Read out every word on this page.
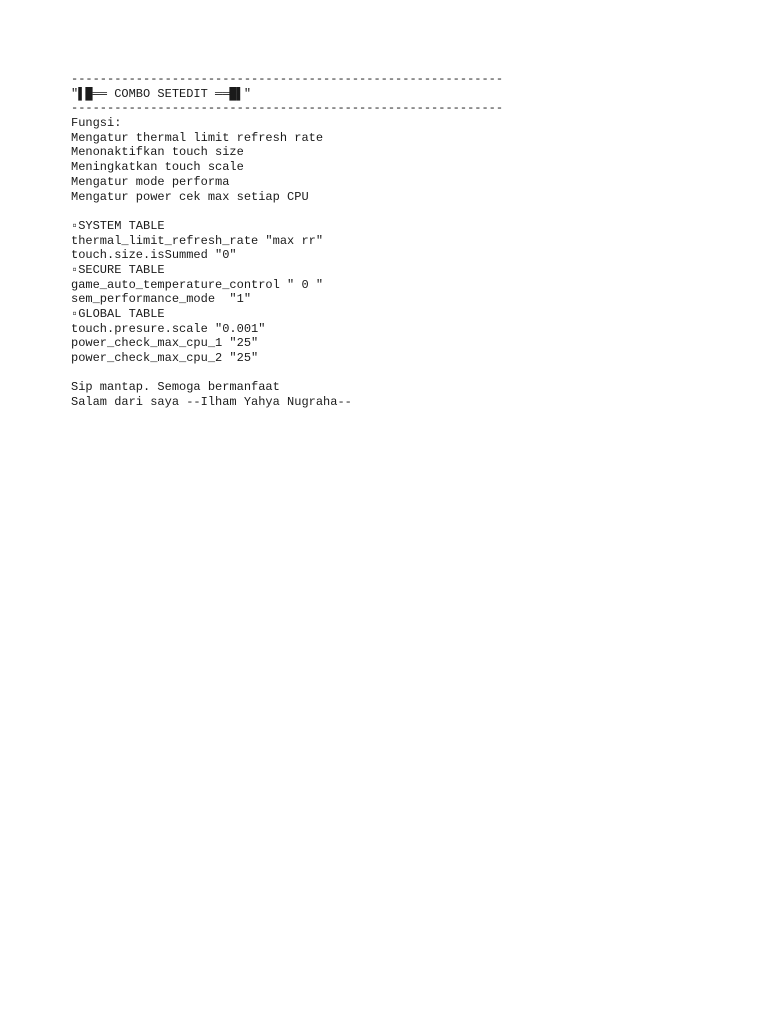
------------------------------------------------------------
"▌█══ COMBO SETEDIT ══█▌"
------------------------------------------------------------
Fungsi:
Mengatur thermal limit refresh rate
Menonaktifkan touch size
Meningkatkan touch scale
Mengatur mode performa
Mengatur power cek max setiap CPU
▫SYSTEM TABLE
thermal_limit_refresh_rate "max rr"
touch.size.isSummed "0"
▫SECURE TABLE
game_auto_temperature_control " 0 "
sem_performance_mode  "1"
▫GLOBAL TABLE
touch.presure.scale "0.001"
power_check_max_cpu_1 "25"
power_check_max_cpu_2 "25"
Sip mantap. Semoga bermanfaat
Salam dari saya --Ilham Yahya Nugraha--
